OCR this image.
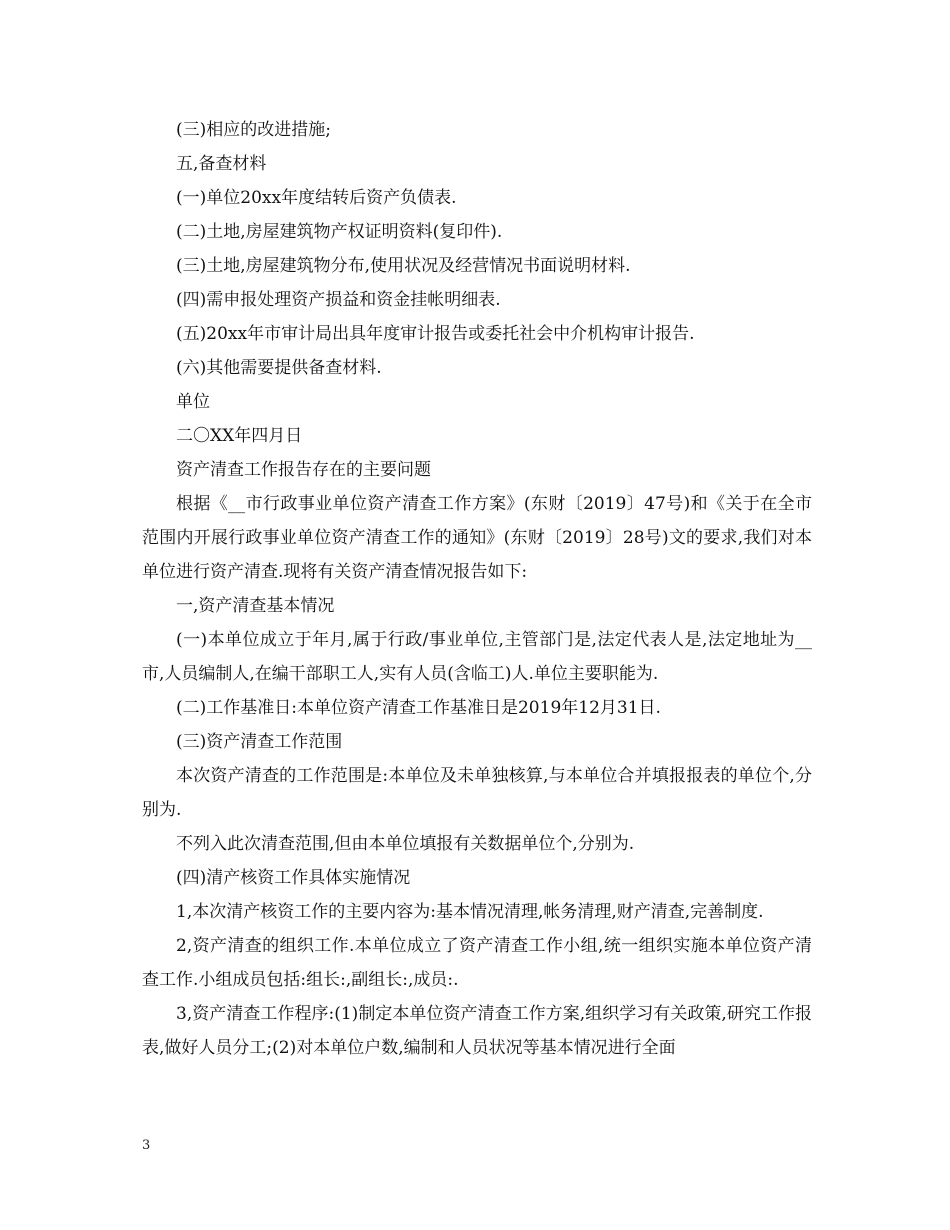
(三)相应的改进措施;

五,备查材料

(一)单位20xx年度结转后资产负债表.

(二)土地,房屋建筑物产权证明资料(复印件).

(三)土地,房屋建筑物分布,使用状况及经营情况书面说明材料.

(四)需申报处理资产损益和资金挂帐明细表.

(五)20xx年市审计局出具年度审计报告或委托社会中介机构审计报告.

(六)其他需要提供备查材料.

单位

二〇XX年四月日

资产清查工作报告存在的主要问题

根据《__市行政事业单位资产清查工作方案》(东财〔2019〕47号)和《关于在全市范围内开展行政事业单位资产清查工作的通知》(东财〔2019〕28号)文的要求,我们对本单位进行资产清查.现将有关资产清查情况报告如下:

一,资产清查基本情况

(一)本单位成立于年月,属于行政/事业单位,主管部门是,法定代表人是,法定地址为__市,人员编制人,在编干部职工人,实有人员(含临工)人.单位主要职能为.

(二)工作基准日:本单位资产清查工作基准日是2019年12月31日.

(三)资产清查工作范围

本次资产清查的工作范围是:本单位及未单独核算,与本单位合并填报报表的单位个,分别为.

不列入此次清查范围,但由本单位填报有关数据单位个,分别为.

(四)清产核资工作具体实施情况

1,本次清产核资工作的主要内容为:基本情况清理,帐务清理,财产清查,完善制度.

2,资产清查的组织工作.本单位成立了资产清查工作小组,统一组织实施本单位资产清查工作.小组成员包括:组长:,副组长:,成员:.

3,资产清查工作程序:(1)制定本单位资产清查工作方案,组织学习有关政策,研究工作报表,做好人员分工;(2)对本单位户数,编制和人员状况等基本情况进行全面

3
